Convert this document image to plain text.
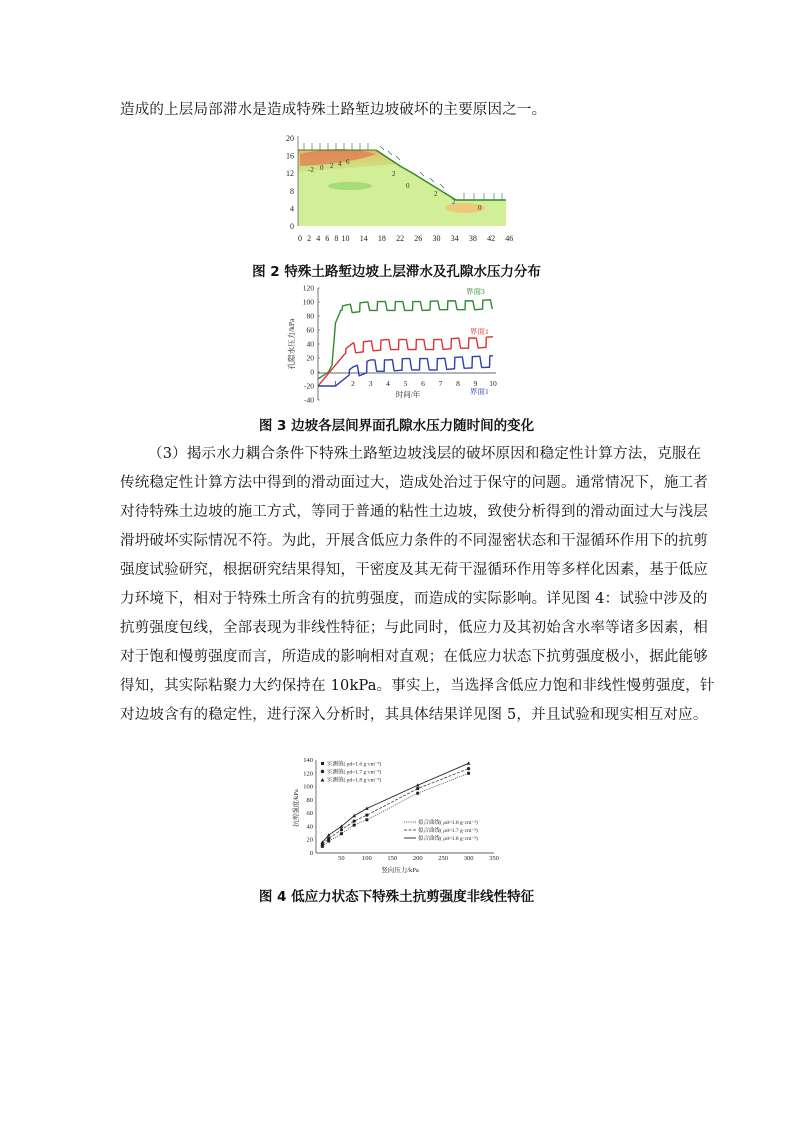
造成的上层局部滞水是造成特殊土路堑边坡破坏的主要原因之一。
-2 0 2 4 6
2
0
2
2
0
0
4
8
12
16
20
0 2 4 6 8 10 14 18 22 26 30 34 38 42 46
图 2 特殊土路堑边坡上层滞水及孔隙水压力分布
120
100
80
60
40
20
0
-20
-40
1 2 3 4 5 6 7 8 9 10
孔隙水压力/kPa
时间/年
界面3
界面1
界面1
图 3 边坡各层间界面孔隙水压力随时间的变化
（3）揭示水力耦合条件下特殊土路堑边坡浅层的破坏原因和稳定性计算方法，克服在
传统稳定性计算方法中得到的滑动面过大，造成处治过于保守的问题。通常情况下，施工者
对待特殊土边坡的施工方式，等同于普通的粘性土边坡，致使分析得到的滑动面过大与浅层
滑坍破坏实际情况不符。为此，开展含低应力条件的不同湿密状态和干湿循环作用下的抗剪
强度试验研究，根据研究结果得知，干密度及其无荷干湿循环作用等多样化因素，基于低应
力环境下，相对于特殊土所含有的抗剪强度，而造成的实际影响。详见图 4：试验中涉及的
抗剪强度包线，全部表现为非线性特征；与此同时，低应力及其初始含水率等诸多因素，相
对于饱和慢剪强度而言，所造成的影响相对直观；在低应力状态下抗剪强度极小，据此能够
得知，其实际粘聚力大约保持在 10kPa。事实上，当选择含低应力饱和非线性慢剪强度，针
对边坡含有的稳定性，进行深入分析时，其具体结果详见图 5，并且试验和现实相互对应。
0
20
40
60
80
100
120
140
50	100 150 200 250 300 350
抗剪强度/kPa
竖向压力/kPa
实测值( ρd=1.6 g·cm⁻³)
实测值( ρd=1.7 g·cm⁻³)
实测值( ρd=1.8 g·cm⁻³)
拟合曲线( ρd=1.6 g·cm⁻³)
拟合曲线( ρd=1.7 g·cm⁻³)
拟合曲线( ρd=1.8 g·cm⁻³)
图 4 低应力状态下特殊土抗剪强度非线性特征
